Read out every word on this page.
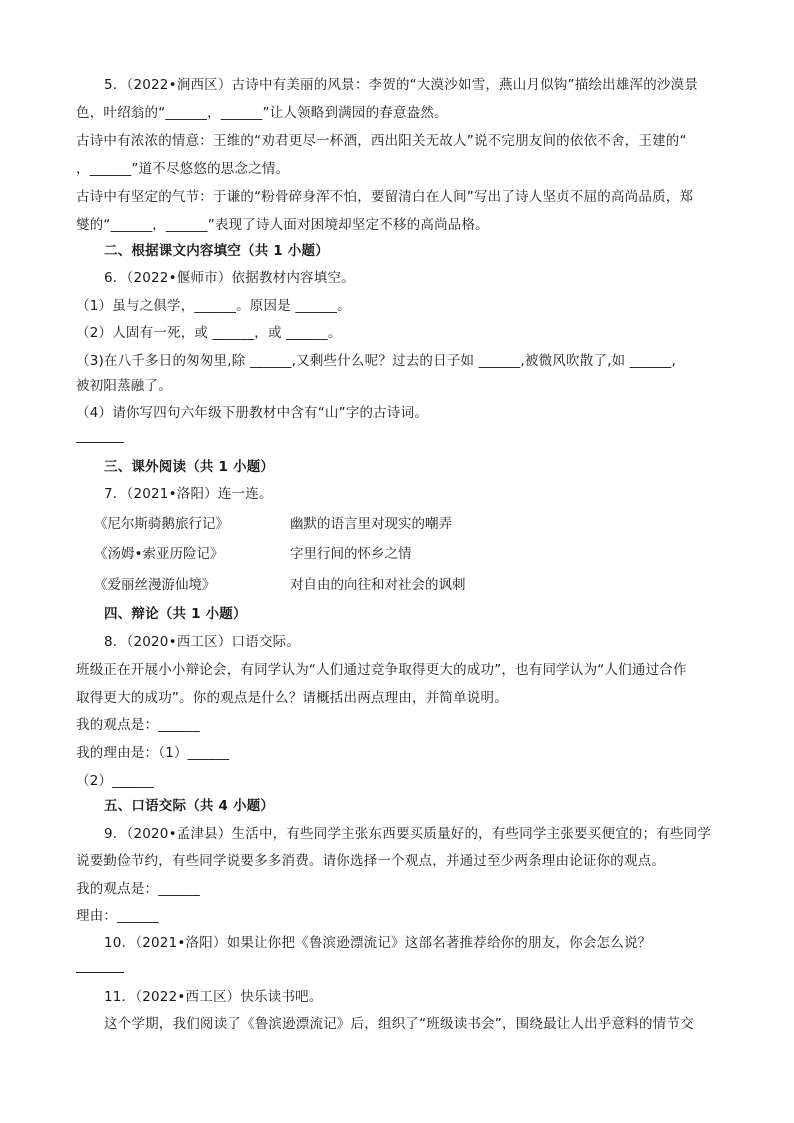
5．（2022•涧西区）古诗中有美丽的风景：李贺的“大漠沙如雪，燕山月似钩”描绘出雄浑的沙漠景
色，叶绍翁的“______，______”让人领略到满园的春意盎然。
古诗中有浓浓的情意：王维的“劝君更尽一杯酒，西出阳关无故人”说不完朋友间的依依不舍，王建的“
，______”道不尽悠悠的思念之情。
古诗中有坚定的气节：于谦的“粉骨碎身浑不怕，要留清白在人间”写出了诗人坚贞不屈的高尚品质，郑
燮的“______，______”表现了诗人面对困境却坚定不移的高尚品格。
二、根据课文内容填空（共 1 小题）
6．（2022•偃师市）依据教材内容填空。
（1）虽与之俱学，______。原因是 ______。
（2）人固有一死，或 ______，或 ______。
（3)在八千多日的匆匆里,除 ______,又剩些什么呢？过去的日子如 ______,被微风吹散了,如 ______,
被初阳蒸融了。
（4）请你写四句六年级下册教材中含有“山”字的古诗词。
三、课外阅读（共 1 小题）
7．（2021•洛阳）连一连。
《尼尔斯骑鹅旅行记》	幽默的语言里对现实的嘲弄
《汤姆•索亚历险记》	字里行间的怀乡之情
《爱丽丝漫游仙境》	对自由的向往和对社会的讽刺
四、辩论（共 1 小题）
8．（2020•西工区）口语交际。
班级正在开展小小辩论会，有同学认为“人们通过竞争取得更大的成功”，也有同学认为“人们通过合作
取得更大的成功”。你的观点是什么？请概括出两点理由，并简单说明。
我的观点是：______
我的理由是：（1）______
（2）______
五、口语交际（共 4 小题）
9．（2020•孟津县）生活中，有些同学主张东西要买质量好的，有些同学主张要买便宜的；有些同学
说要勤俭节约，有些同学说要多多消费。请你选择一个观点，并通过至少两条理由论证你的观点。
我的观点是：______
理由：______
10．（2021•洛阳）如果让你把《鲁滨逊漂流记》这部名著推荐给你的朋友，你会怎么说？
11．（2022•西工区）快乐读书吧。
这个学期，我们阅读了《鲁滨逊漂流记》后，组织了“班级读书会”，围绕最让人出乎意料的情节交
